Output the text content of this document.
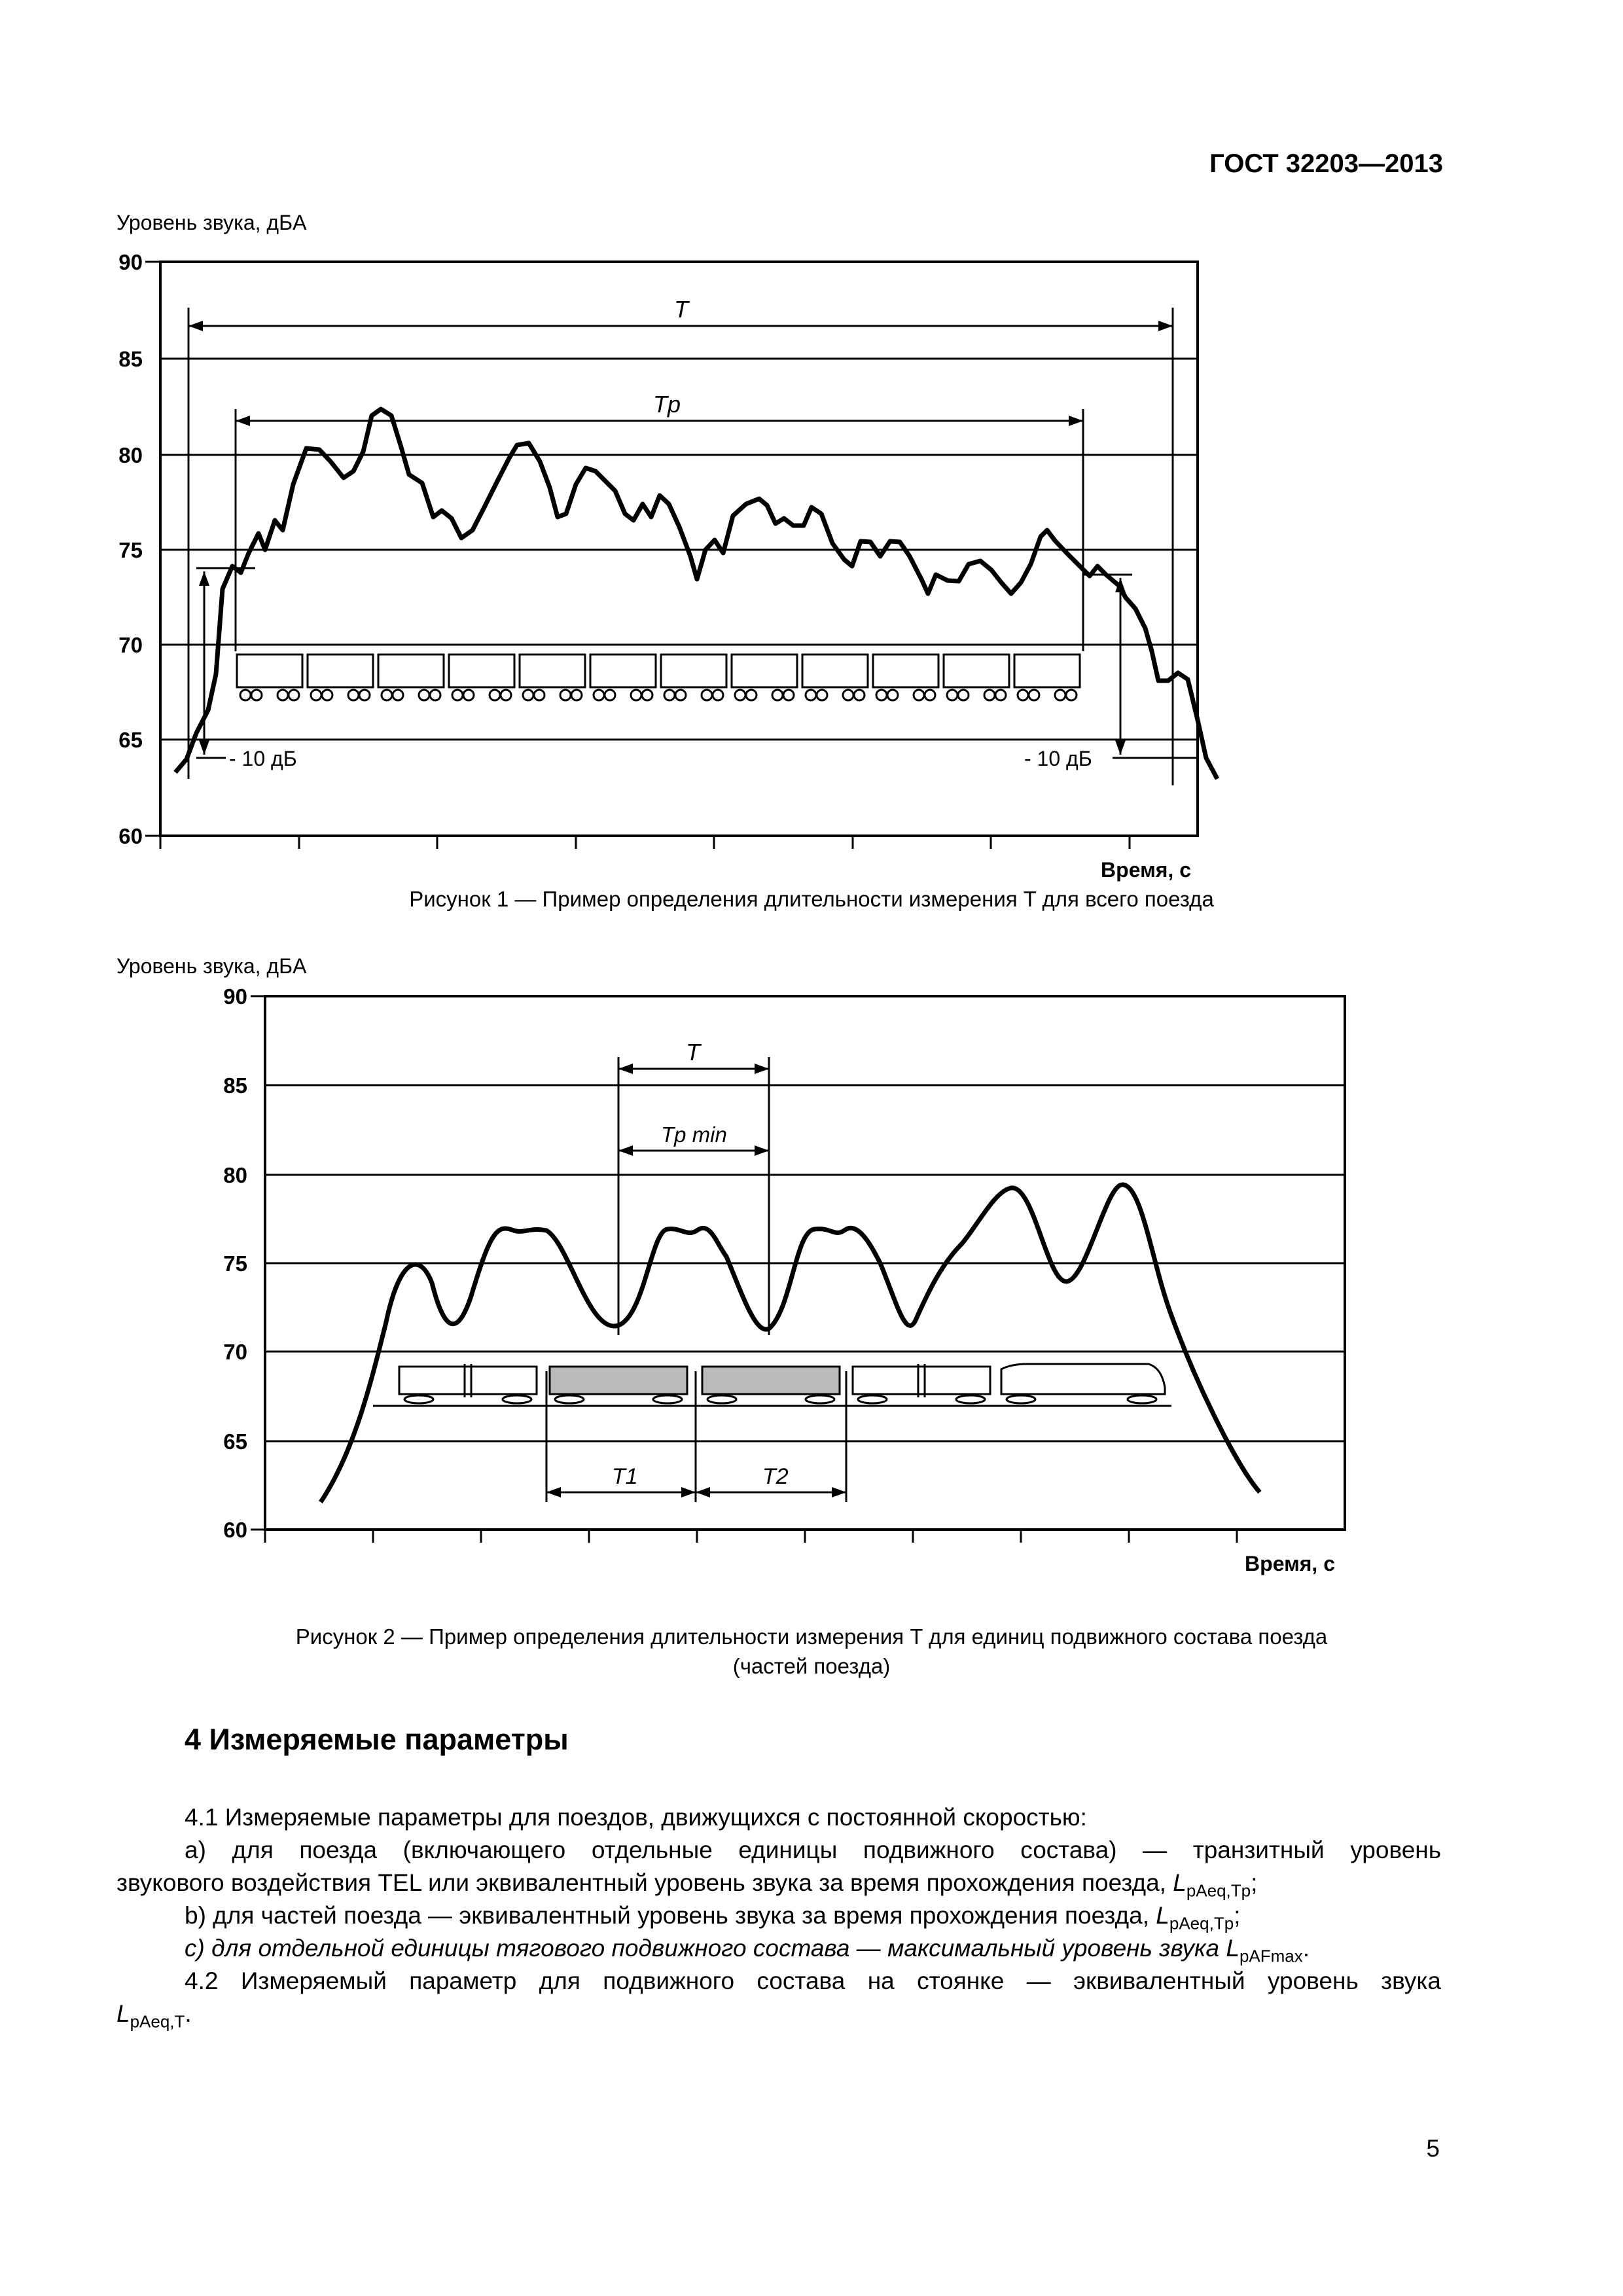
ГОСТ 32203—2013
Уровень звука, дБA
90
85
80
75
70
65
60
T
Tp
- 10 дБ	- 10 дБ
Время, с
Рисунок 1 — Пример определения длительности измерения T для всего поезда
Уровень звука, дБA
90
85
80
75
70
65
60
T
Tp min
T1	T2
Время, с
Рисунок 2 — Пример определения длительности измерения T для единиц подвижного состава поезда
(частей поезда)
4 Измеряемые параметры
4.1 Измеряемые параметры для поездов, движущихся с постоянной скоростью:
а) для поезда (включающего отдельные единицы подвижного состава) — транзитный уровень
звукового воздействия TEL или эквивалентный уровень звука за время прохождения поезда, $L_{pAeq,Tp}$;
b) для частей поезда — эквивалентный уровень звука за время прохождения поезда, $L_{pAeq,Tp}$;
c) для отдельной единицы тягового подвижного состава — максимальный уровень звука $L_{pAFmax}$.
4.2 Измеряемый параметр для подвижного состава на стоянке — эквивалентный уровень звука
$L_{pAeq,T}$.
5
